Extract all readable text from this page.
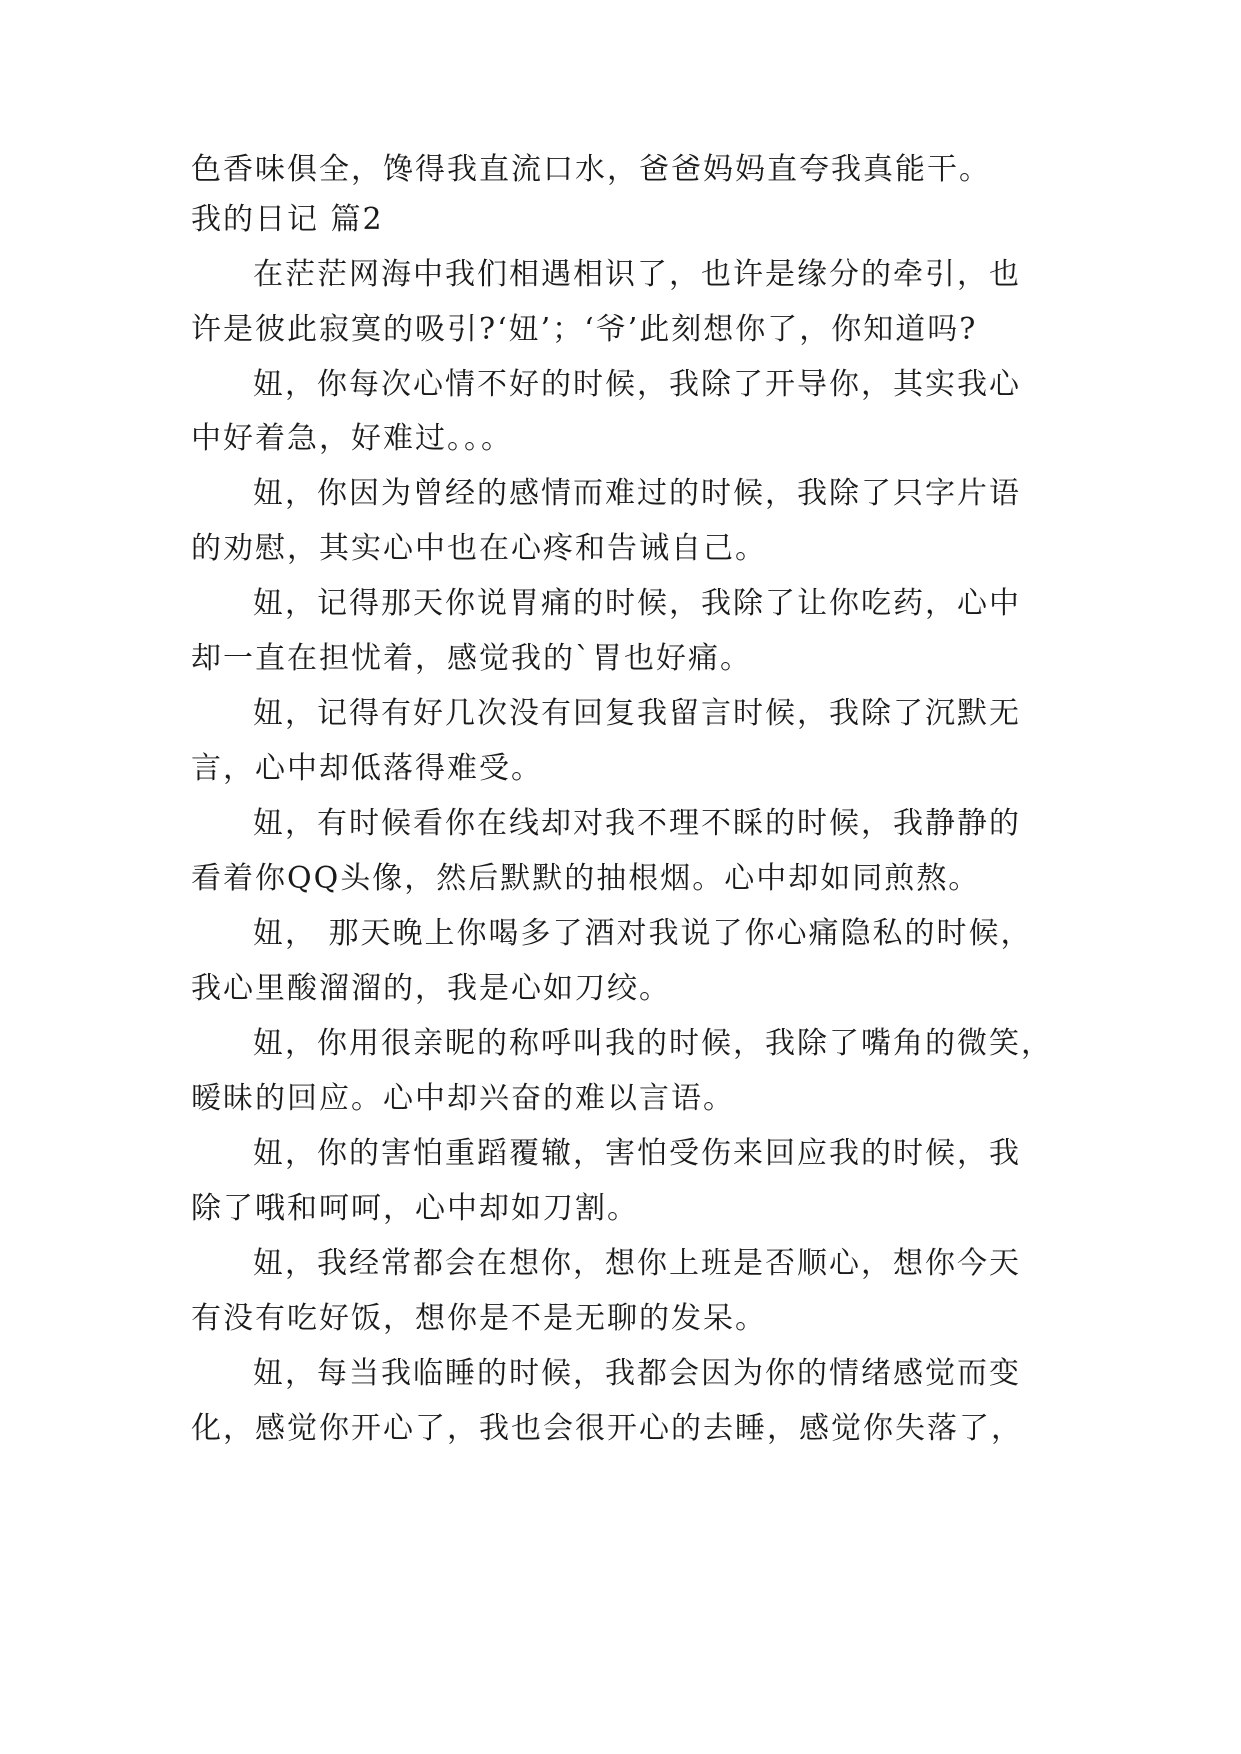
色香味俱全，馋得我直流口水，爸爸妈妈直夸我真能干。
我的日记 篇2
在茫茫网海中我们相遇相识了，也许是缘分的牵引，也
许是彼此寂寞的吸引?‘妞’；‘爷’此刻想你了，你知道吗?
妞，你每次心情不好的时候，我除了开导你，其实我心
中好着急，好难过。。。
妞，你因为曾经的感情而难过的时候，我除了只字片语
的劝慰，其实心中也在心疼和告诫自己。
妞，记得那天你说胃痛的时候，我除了让你吃药，心中
却一直在担忧着，感觉我的`胃也好痛。
妞，记得有好几次没有回复我留言时候，我除了沉默无
言，心中却低落得难受。
妞，有时候看你在线却对我不理不睬的时候，我静静的
看着你QQ头像，然后默默的抽根烟。心中却如同煎熬。
妞， 那天晚上你喝多了酒对我说了你心痛隐私的时候，
我心里酸溜溜的，我是心如刀绞。
妞，你用很亲昵的称呼叫我的时候，我除了嘴角的微笑，
暧昧的回应。心中却兴奋的难以言语。
妞，你的害怕重蹈覆辙，害怕受伤来回应我的时候，我
除了哦和呵呵，心中却如刀割。
妞，我经常都会在想你，想你上班是否顺心，想你今天
有没有吃好饭，想你是不是无聊的发呆。
妞，每当我临睡的时候，我都会因为你的情绪感觉而变
化，感觉你开心了，我也会很开心的去睡，感觉你失落了，
